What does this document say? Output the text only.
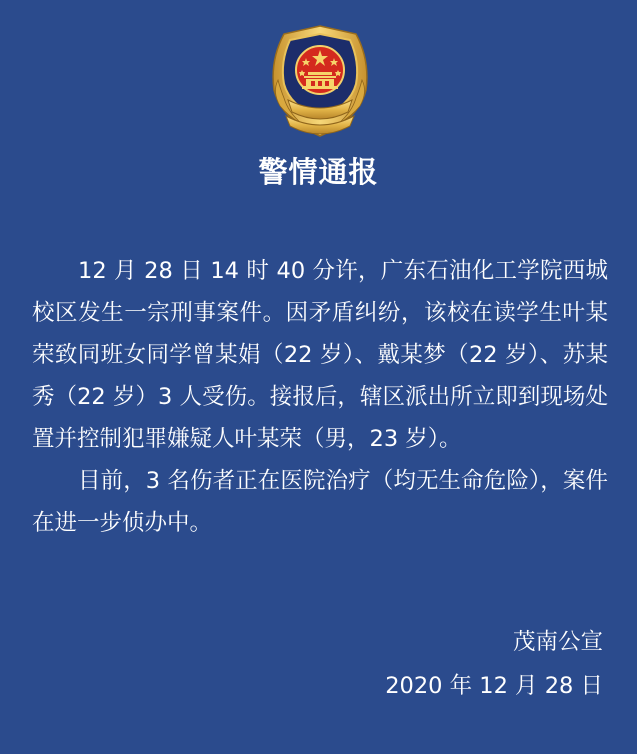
警情通报

12 月 28 日 14 时 40 分许，广东石油化工学院西城校区发生一宗刑事案件。因矛盾纠纷，该校在读学生叶某荣致同班女同学曾某娟（22 岁）、戴某梦（22 岁）、苏某秀（22 岁）3 人受伤。接报后，辖区派出所立即到现场处置并控制犯罪嫌疑人叶某荣（男，23 岁）。

目前，3 名伤者正在医院治疗（均无生命危险），案件在进一步侦办中。

茂南公宣
2020 年 12 月 28 日
